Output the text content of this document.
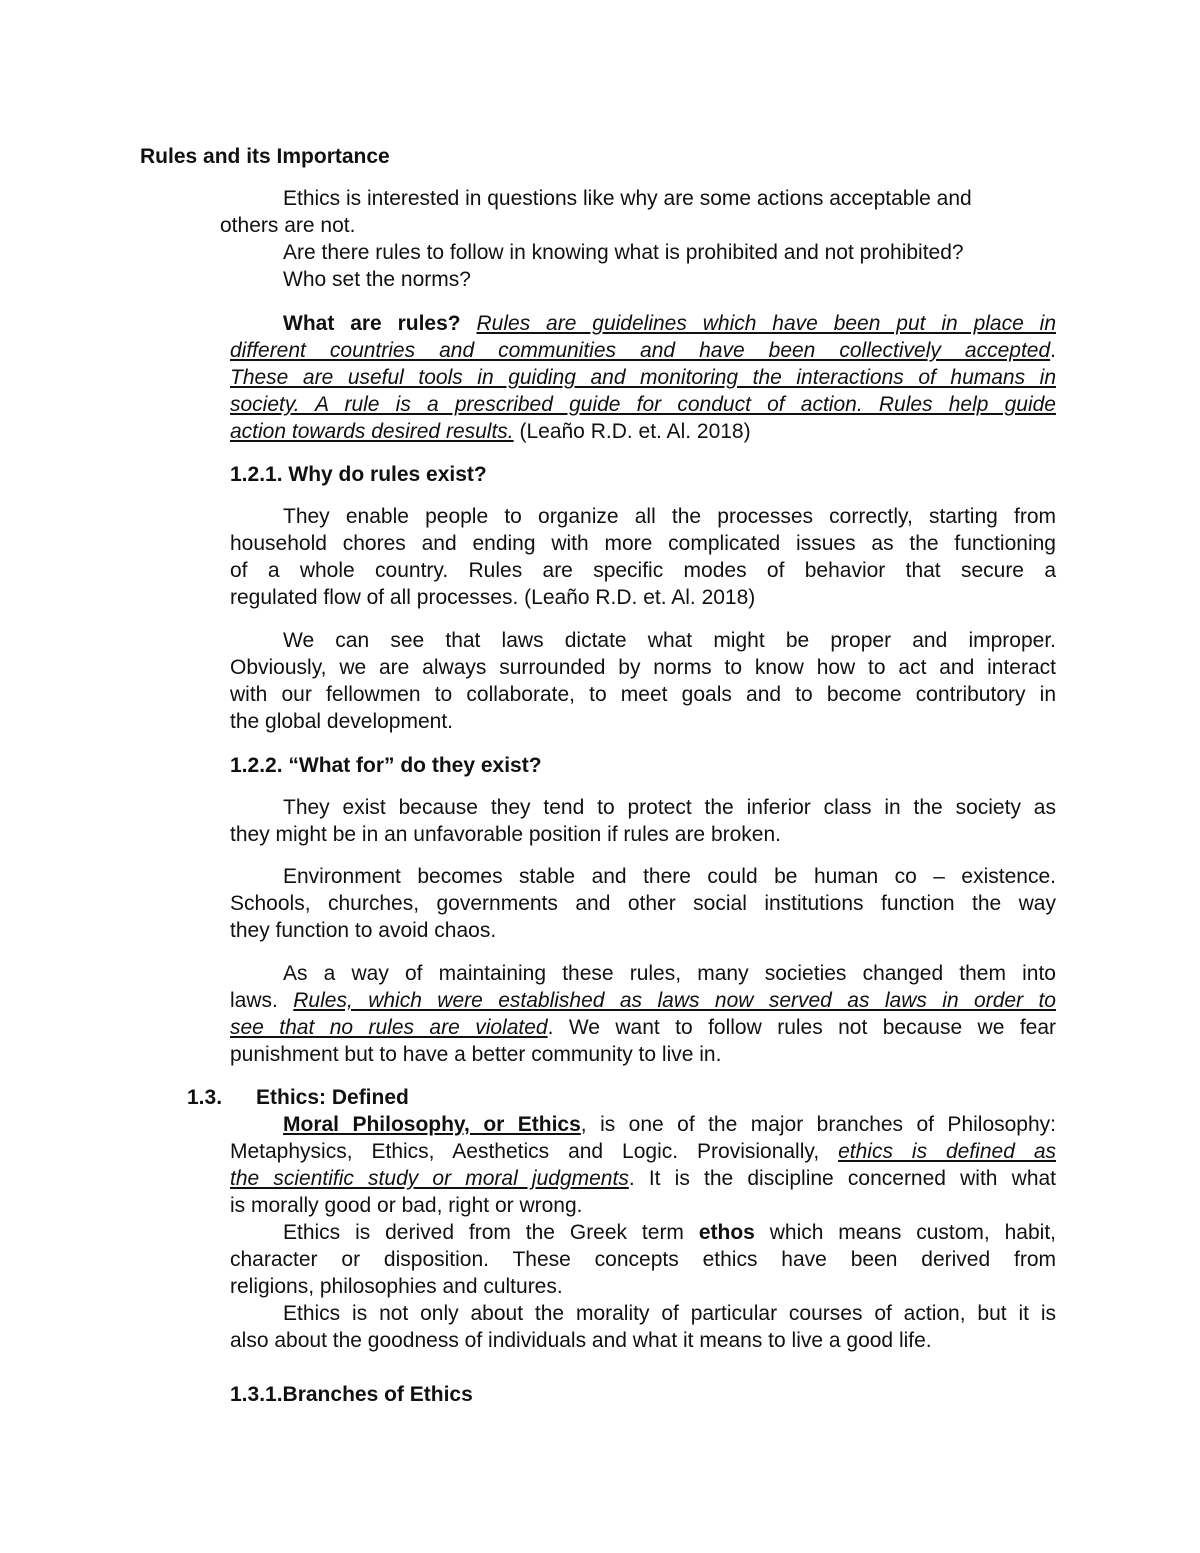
Rules and its Importance
Ethics is interested in questions like why are some actions acceptable and
others are not.
Are there rules to follow in knowing what is prohibited and not prohibited?
Who set the norms?
What are rules? Rules are guidelines which have been put in place in
different countries and communities and have been collectively accepted.
These are useful tools in guiding and monitoring the interactions of humans in
society. A rule is a prescribed guide for conduct of action. Rules help guide
action towards desired results. (Leaño R.D. et. Al. 2018)
1.2.1. Why do rules exist?
They enable people to organize all the processes correctly, starting from
household chores and ending with more complicated issues as the functioning
of a whole country. Rules are specific modes of behavior that secure a
regulated flow of all processes. (Leaño R.D. et. Al. 2018)
We can see that laws dictate what might be proper and improper.
Obviously, we are always surrounded by norms to know how to act and interact
with our fellowmen to collaborate, to meet goals and to become contributory in
the global development.
1.2.2. “What for” do they exist?
They exist because they tend to protect the inferior class in the society as
they might be in an unfavorable position if rules are broken.
Environment becomes stable and there could be human co – existence.
Schools, churches, governments and other social institutions function the way
they function to avoid chaos.
As a way of maintaining these rules, many societies changed them into
laws. Rules, which were established as laws now served as laws in order to
see that no rules are violated. We want to follow rules not because we fear
punishment but to have a better community to live in.
1.3. Ethics: Defined
Moral Philosophy, or Ethics, is one of the major branches of Philosophy:
Metaphysics, Ethics, Aesthetics and Logic. Provisionally, ethics is defined as
the scientific study or moral judgments. It is the discipline concerned with what
is morally good or bad, right or wrong.
Ethics is derived from the Greek term ethos which means custom, habit,
character or disposition. These concepts ethics have been derived from
religions, philosophies and cultures.
Ethics is not only about the morality of particular courses of action, but it is
also about the goodness of individuals and what it means to live a good life.
1.3.1.Branches of Ethics
